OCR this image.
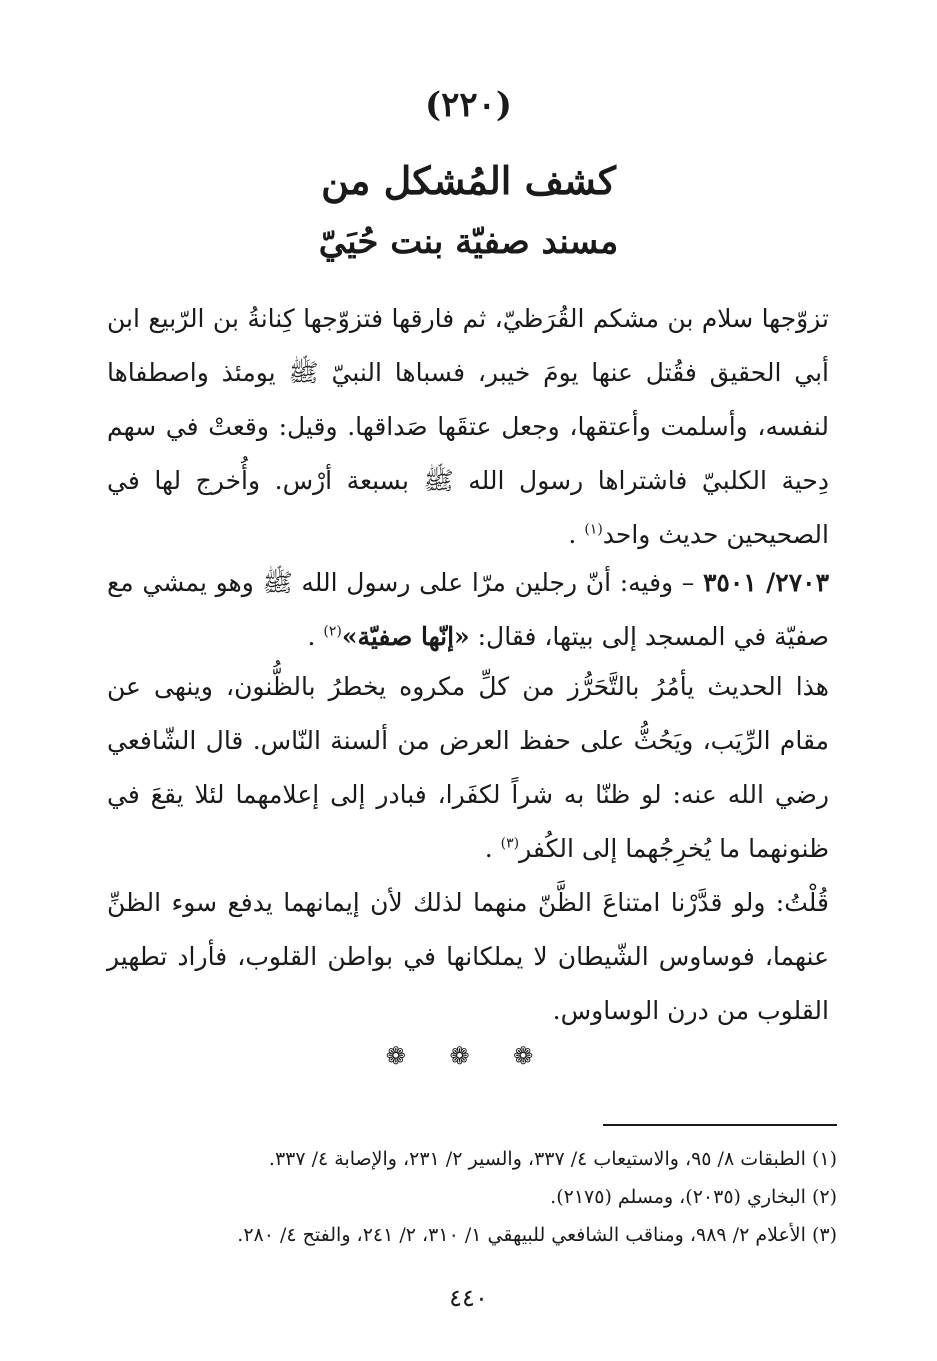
(٢٢٠)
كشف المُشكل من
مسند صفيّة بنت حُيَيّ
تزوّجها سلام بن مشكم القُرَظيّ، ثم فارقها فتزوّجها كِنانةُ بن الرّبيع ابن أبي الحقيق فقُتل عنها يومَ خيبر، فسباها النبيّ ﷺ يومئذ واصطفاها لنفسه، وأسلمت وأعتقها، وجعل عتقَها صَداقها. وقيل: وقعتْ في سهم دِحية الكلبيّ فاشتراها رسول الله ﷺ بسبعة أرْس. وأُخرج لها في الصحيحين حديث واحد$^{(١)}$ .
٢٧٠٣/ ٣٥٠١ – وفيه: أنّ رجلين مرّا على رسول الله ﷺ وهو يمشي مع صفيّة في المسجد إلى بيتها، فقال: «إنّها صفيّة»$^{(٢)}$ .
هذا الحديث يأمُرُ بالتَّحَرُّز من كلِّ مكروه يخطرُ بالظُّنون، وينهى عن مقام الرِّيَب، ويَحُثُّ على حفظ العرض من ألسنة النّاس. قال الشّافعي رضي الله عنه: لو ظنّا به شراً لكفَرا، فبادر إلى إعلامهما لئلا يقعَ في ظنونهما ما يُخرِجُهما إلى الكُفر$^{(٣)}$ .
قُلْتُ: ولو قدَّرْنا امتناعَ الظَّنّ منهما لذلك لأن إيمانهما يدفع سوء الظنِّ عنهما، فوساوس الشّيطان لا يملكانها في بواطن القلوب، فأراد تطهير القلوب من درن الوساوس.
❁ ❁ ❁
(١) الطبقات ٨/ ٩٥، والاستيعاب ٤/ ٣٣٧، والسير ٢/ ٢٣١، والإصابة ٤/ ٣٣٧.
(٢) البخاري (٢٠٣٥)، ومسلم (٢١٧٥).
(٣) الأعلام ٢/ ٩٨٩، ومناقب الشافعي للبيهقي ١/ ٣١٠، ٢/ ٢٤١، والفتح ٤/ ٢٨٠.
٤٤٠
